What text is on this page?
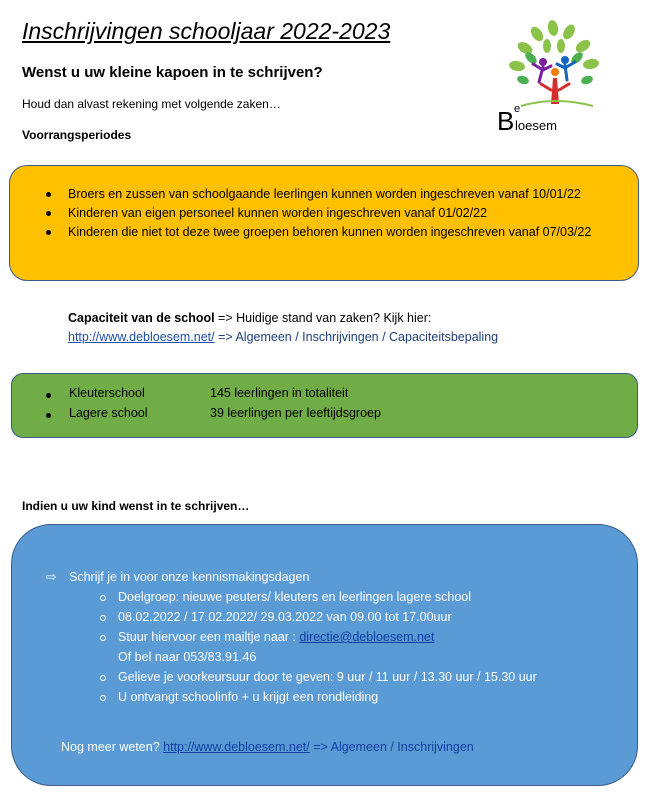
Inschrijvingen schooljaar 2022-2023
Wenst u uw kleine kapoen in te schrijven?
Houd dan alvast rekening met volgende zaken…
Voorrangsperiodes	B e
loesem
Broers en zussen van schoolgaande leerlingen kunnen worden ingeschreven vanaf 10/01/22
Kinderen van eigen personeel kunnen worden ingeschreven vanaf 01/02/22
Kinderen die niet tot deze twee groepen behoren kunnen worden ingeschreven vanaf 07/03/22
Capaciteit van de school => Huidige stand van zaken? Kijk hier:
http://www.debloesem.net/ => Algemeen / Inschrijvingen / Capaciteitsbepaling
Kleuterschool	145 leerlingen in totaliteit
Lagere school	39 leerlingen per leeftijdsgroep
Indien u uw kind wenst in te schrijven…
⇨ Schrijf je in voor onze kennismakingsdagen
Doelgroep: nieuwe peuters/ kleuters en leerlingen lagere school
08.02.2022 / 17.02.2022/ 29.03.2022 van 09.00 tot 17.00uur
Stuur hiervoor een mailtje naar : directie@debloesem.net
Of bel naar 053/83.91.46
Gelieve je voorkeursuur door te geven: 9 uur / 11 uur / 13.30 uur / 15.30 uur
U ontvangt schoolinfo + u krijgt een rondleiding
Nog meer weten? http://www.debloesem.net/ => Algemeen / Inschrijvingen
